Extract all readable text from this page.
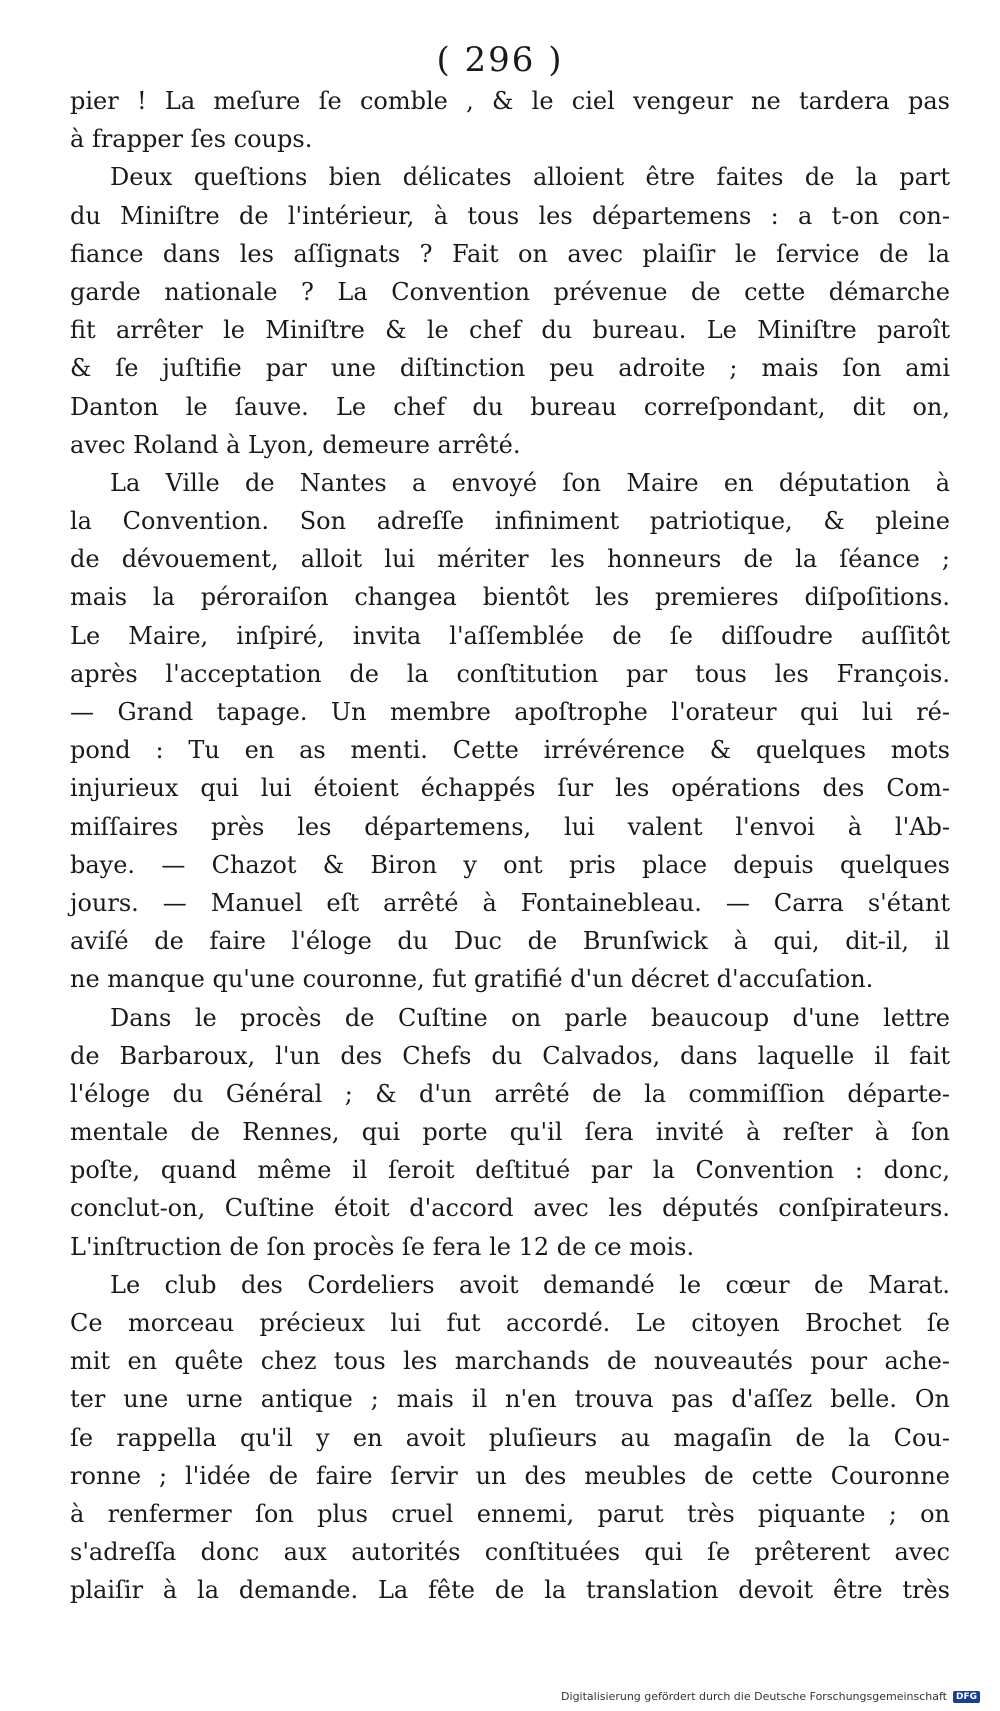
( 296 )
pier ! La meſure ſe comble , & le ciel vengeur ne tardera pas
à frapper ſes coups.
Deux queſtions bien délicates alloient être faites de la part
du Miniſtre de l'intérieur, à tous les départemens : a t-on con-
fiance dans les aſſignats ? Fait on avec plaiſir le ſervice de la
garde nationale ? La Convention prévenue de cette démarche
fit arrêter le Miniſtre & le chef du bureau. Le Miniſtre paroît
& ſe juſtifie par une diſtinction peu adroite ; mais ſon ami
Danton le ſauve. Le chef du bureau correſpondant, dit on,
avec Roland à Lyon, demeure arrêté.
La Ville de Nantes a envoyé ſon Maire en députation à
la Convention. Son adreſſe infiniment patriotique, & pleine
de dévouement, alloit lui mériter les honneurs de la ſéance ;
mais la péroraiſon changea bientôt les premieres diſpoſitions.
Le Maire, inſpiré, invita l'aſſemblée de ſe diſſoudre auſſitôt
après l'acceptation de la conſtitution par tous les François.
— Grand tapage. Un membre apoſtrophe l'orateur qui lui ré-
pond : Tu en as menti. Cette irrévérence & quelques mots
injurieux qui lui étoient échappés ſur les opérations des Com-
miſſaires près les départemens, lui valent l'envoi à l'Ab-
baye. — Chazot & Biron y ont pris place depuis quelques
jours. — Manuel eſt arrêté à Fontainebleau. — Carra s'étant
aviſé de faire l'éloge du Duc de Brunſwick à qui, dit-il, il
ne manque qu'une couronne, fut gratifié d'un décret d'accuſation.
Dans le procès de Cuſtine on parle beaucoup d'une lettre
de Barbaroux, l'un des Chefs du Calvados, dans laquelle il fait
l'éloge du Général ; & d'un arrêté de la commiſſion départe-
mentale de Rennes, qui porte qu'il ſera invité à reſter à ſon
poſte, quand même il ſeroit deſtitué par la Convention : donc,
conclut-on, Cuſtine étoit d'accord avec les députés conſpirateurs.
L'inſtruction de ſon procès ſe fera le 12 de ce mois.
Le club des Cordeliers avoit demandé le cœur de Marat.
Ce morceau précieux lui fut accordé. Le citoyen Brochet ſe
mit en quête chez tous les marchands de nouveautés pour ache-
ter une urne antique ; mais il n'en trouva pas d'aſſez belle. On
ſe rappella qu'il y en avoit pluſieurs au magaſin de la Cou-
ronne ; l'idée de faire ſervir un des meubles de cette Couronne
à renfermer ſon plus cruel ennemi, parut très piquante ; on
s'adreſſa donc aux autorités conſtituées qui ſe prêterent avec
plaiſir à la demande. La fête de la translation devoit être très
Digitalisierung gefördert durch die Deutsche Forschungsgemeinschaft	DFG
